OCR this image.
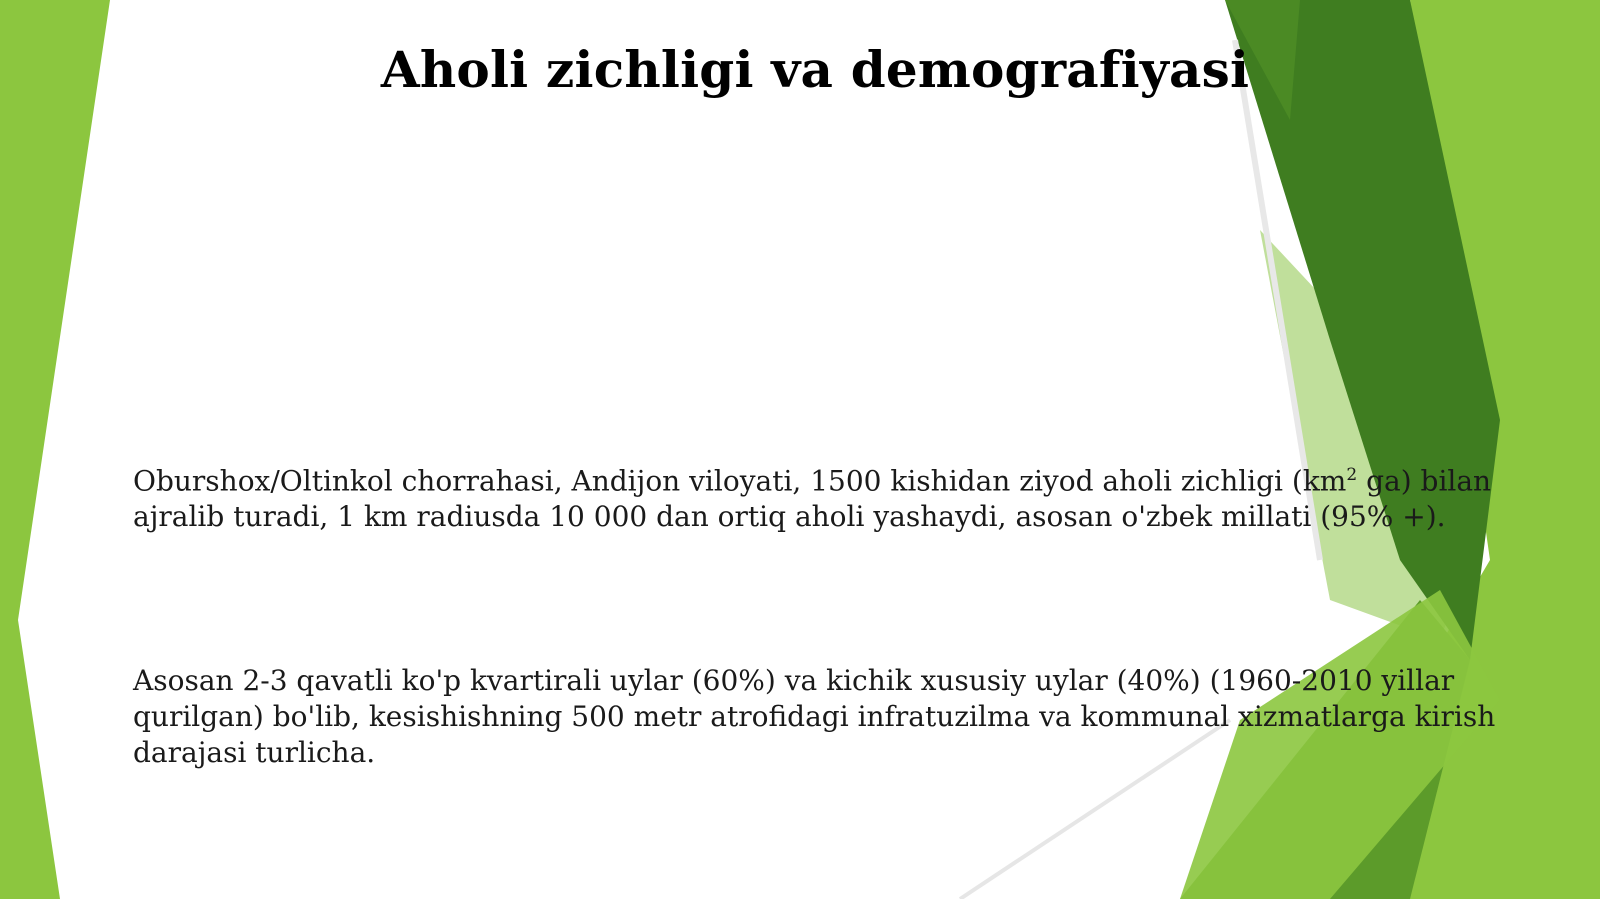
Aholi zichligi va demografiyasi
Oburshox/Oltinkol chorrahasi, Andijon viloyati, 1500 kishidan ziyod aholi zichligi ($km^2$ ga) bilan ajralib turadi, 1 km radiusda 10 000 dan ortiq aholi yashaydi, asosan o'zbek millati (95% +).
Asosan 2-3 qavatli ko'p kvartirali uylar (60%) va kichik xususiy uylar (40%) (1960-2010 yillar qurilgan) bo'lib, kesishishning 500 metr atrofidagi infratuzilma va kommunal xizmatlarga kirish darajasi turlicha.
